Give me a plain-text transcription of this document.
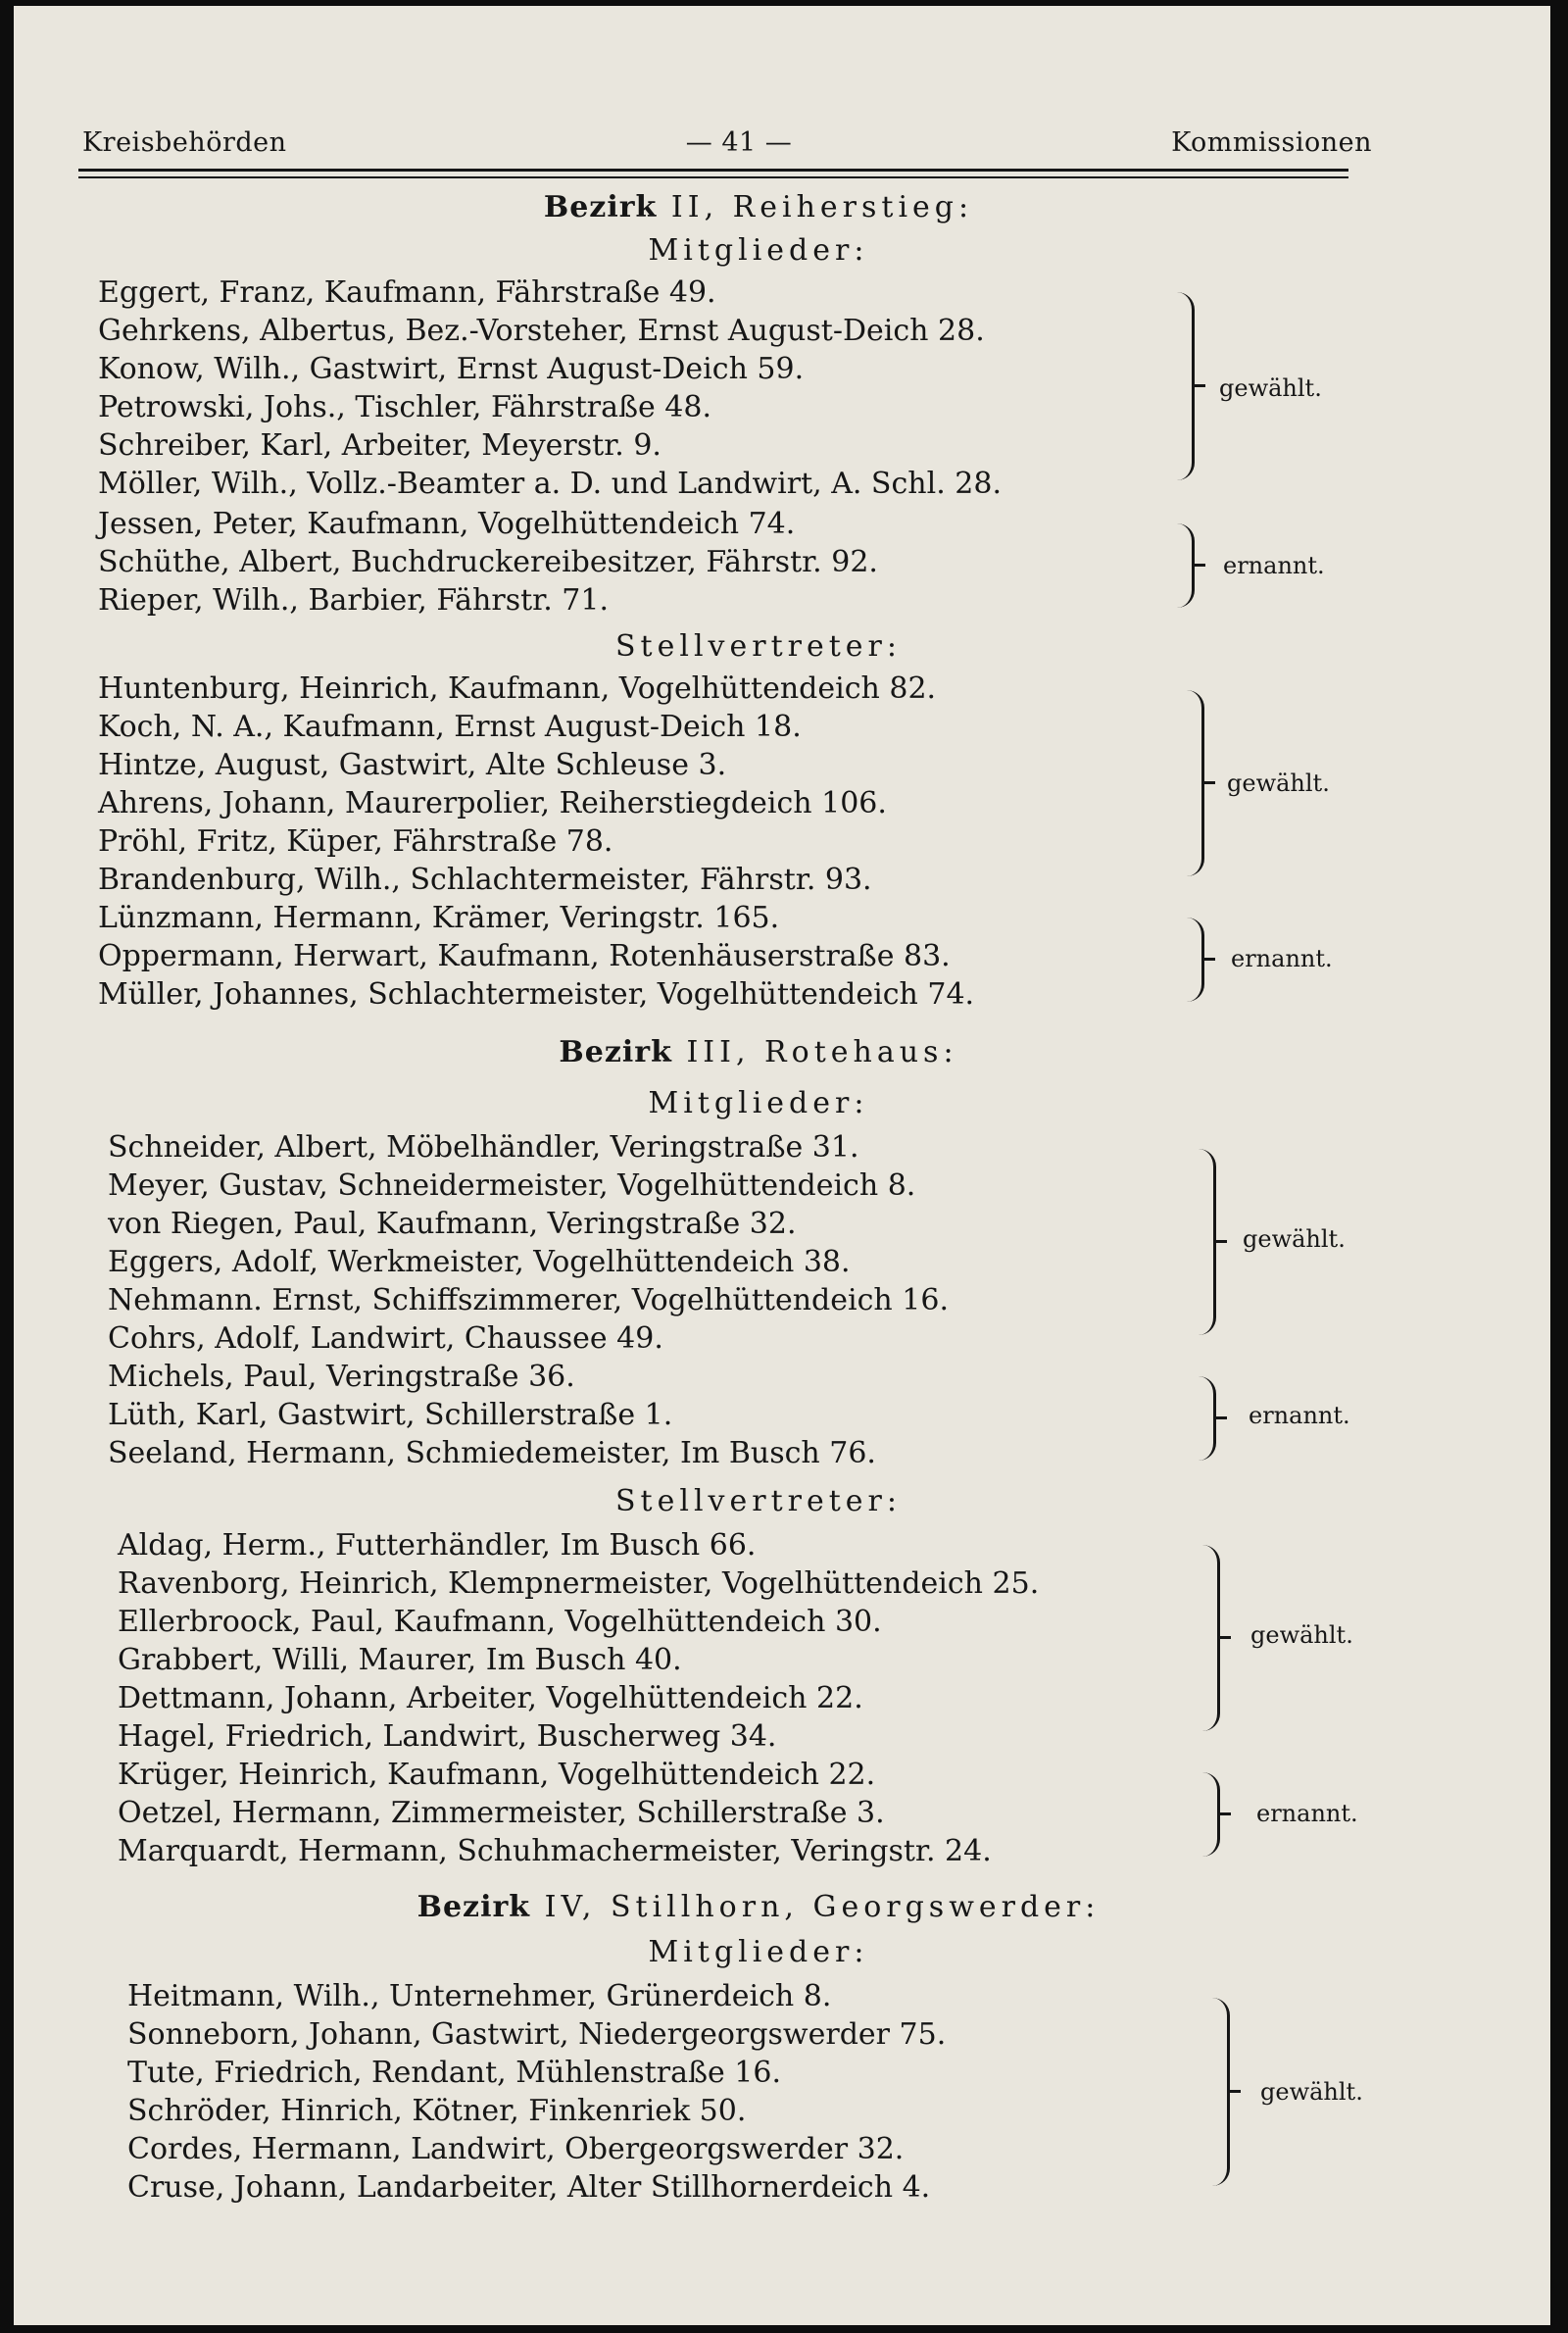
Kreisbehörden	— 41 —	Kommissionen
Bezirk II, Reiherstieg:
Mitglieder:
Eggert, Franz, Kaufmann, Fährstraße 49.
Gehrkens, Albertus, Bez.-Vorsteher, Ernst August-Deich 28.
Konow, Wilh., Gastwirt, Ernst August-Deich 59.
Petrowski, Johs., Tischler, Fährstraße 48.
Schreiber, Karl, Arbeiter, Meyerstr. 9.
Möller, Wilh., Vollz.-Beamter a. D. und Landwirt, A. Schl. 28.
gewählt.
Jessen, Peter, Kaufmann, Vogelhüttendeich 74.
Schüthe, Albert, Buchdruckereibesitzer, Fährstr. 92.
Rieper, Wilh., Barbier, Fährstr. 71.
ernannt.
Stellvertreter:
Huntenburg, Heinrich, Kaufmann, Vogelhüttendeich 82.
Koch, N. A., Kaufmann, Ernst August-Deich 18.
Hintze, August, Gastwirt, Alte Schleuse 3.
Ahrens, Johann, Maurerpolier, Reiherstiegdeich 106.
Pröhl, Fritz, Küper, Fährstraße 78.
Brandenburg, Wilh., Schlachtermeister, Fährstr. 93.
gewählt.
Lünzmann, Hermann, Krämer, Veringstr. 165.
Oppermann, Herwart, Kaufmann, Rotenhäuserstraße 83.
Müller, Johannes, Schlachtermeister, Vogelhüttendeich 74.
ernannt.
Bezirk III, Rotehaus:
Mitglieder:
Schneider, Albert, Möbelhändler, Veringstraße 31.
Meyer, Gustav, Schneidermeister, Vogelhüttendeich 8.
von Riegen, Paul, Kaufmann, Veringstraße 32.
Eggers, Adolf, Werkmeister, Vogelhüttendeich 38.
Nehmann. Ernst, Schiffszimmerer, Vogelhüttendeich 16.
Cohrs, Adolf, Landwirt, Chaussee 49.
gewählt.
Michels, Paul, Veringstraße 36.
Lüth, Karl, Gastwirt, Schillerstraße 1.
Seeland, Hermann, Schmiedemeister, Im Busch 76.
ernannt.
Stellvertreter:
Aldag, Herm., Futterhändler, Im Busch 66.
Ravenborg, Heinrich, Klempnermeister, Vogelhüttendeich 25.
Ellerbroock, Paul, Kaufmann, Vogelhüttendeich 30.
Grabbert, Willi, Maurer, Im Busch 40.
Dettmann, Johann, Arbeiter, Vogelhüttendeich 22.
Hagel, Friedrich, Landwirt, Buscherweg 34.
gewählt.
Krüger, Heinrich, Kaufmann, Vogelhüttendeich 22.
Oetzel, Hermann, Zimmermeister, Schillerstraße 3.
Marquardt, Hermann, Schuhmachermeister, Veringstr. 24.
ernannt.
Bezirk IV, Stillhorn, Georgswerder:
Mitglieder:
Heitmann, Wilh., Unternehmer, Grünerdeich 8.
Sonneborn, Johann, Gastwirt, Niedergeorgswerder 75.
Tute, Friedrich, Rendant, Mühlenstraße 16.
Schröder, Hinrich, Kötner, Finkenriek 50.
Cordes, Hermann, Landwirt, Obergeorgswerder 32.
Cruse, Johann, Landarbeiter, Alter Stillhornerdeich 4.
gewählt.
